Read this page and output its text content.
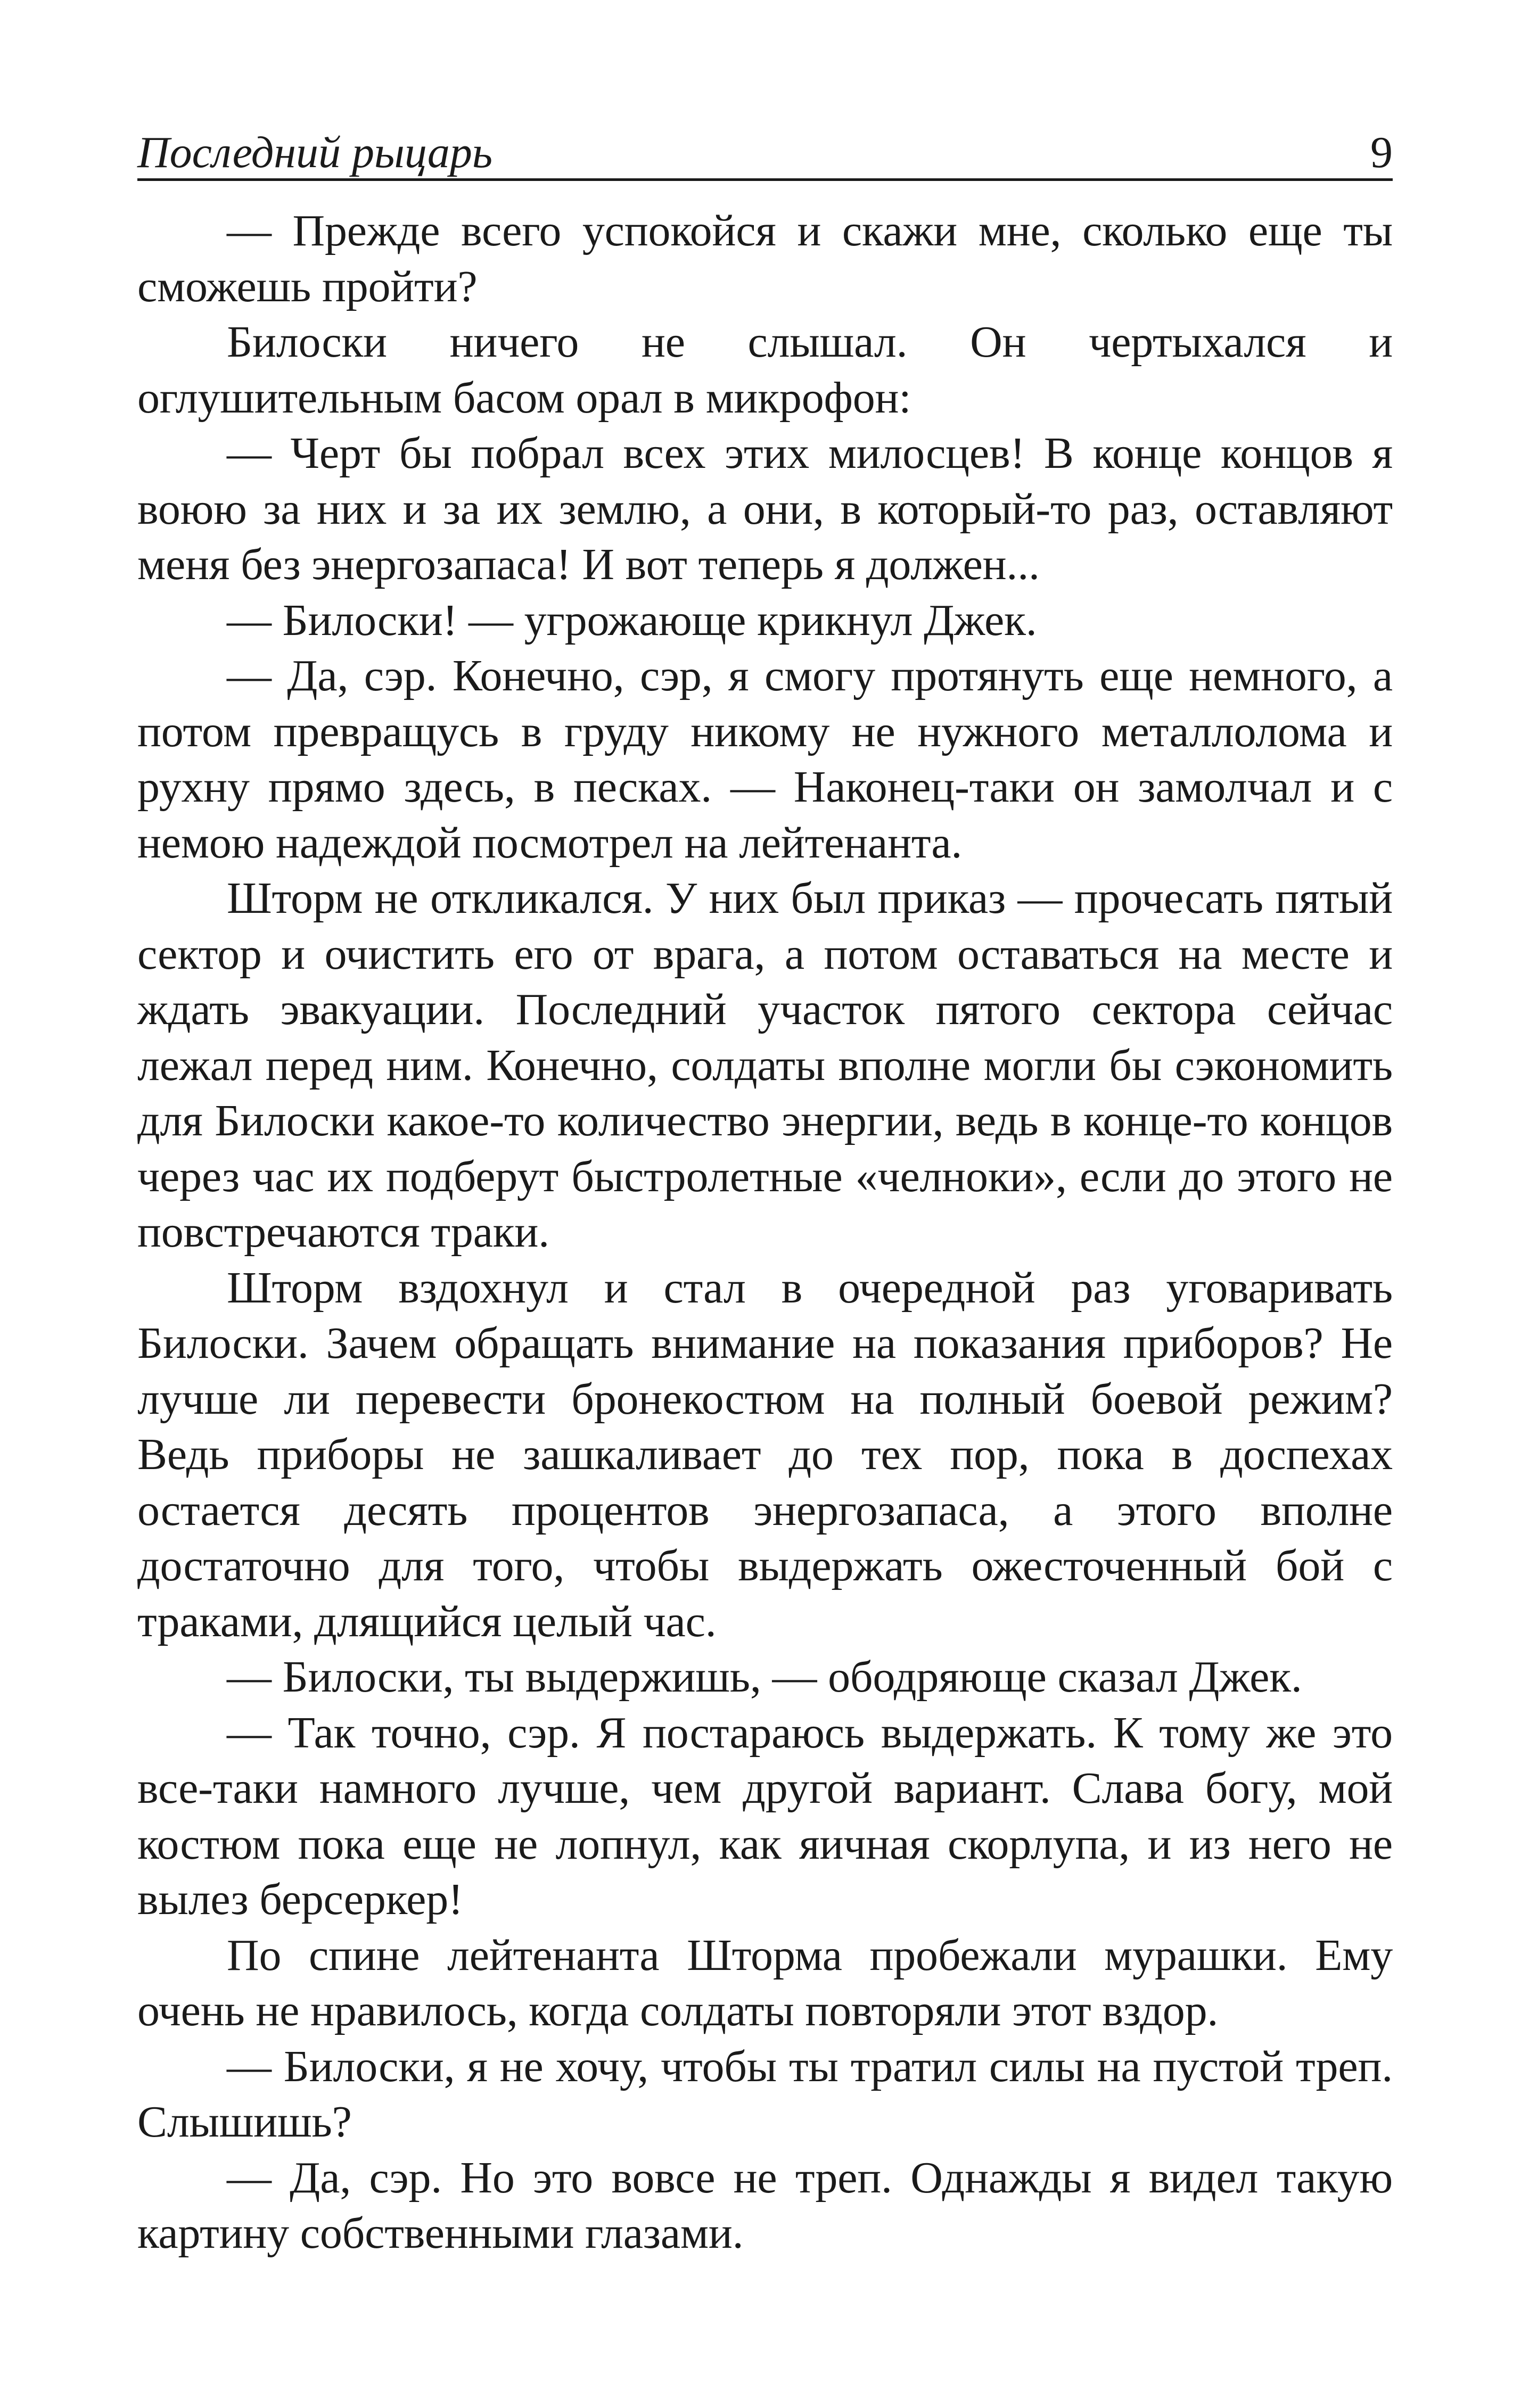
Последний рыцарь	9

— Прежде всего успокойся и скажи мне, сколько еще ты сможешь пройти?

Билоски ничего не слышал. Он чертыхался и оглушительным басом орал в микрофон:

— Черт бы побрал всех этих милосцев! В конце концов я воюю за них и за их землю, а они, в который-то раз, оставляют меня без энергозапаса! И вот теперь я должен...

— Билоски! — угрожающе крикнул Джек.

— Да, сэр. Конечно, сэр, я смогу протянуть еще немного, а потом превращусь в груду никому не нужного металлолома и рухну прямо здесь, в песках. — Наконец-таки он замолчал и с немою надеждой посмотрел на лейтенанта.

Шторм не откликался. У них был приказ — прочесать пятый сектор и очистить его от врага, а потом оставаться на месте и ждать эвакуации. Последний участок пятого сектора сейчас лежал перед ним. Конечно, солдаты вполне могли бы сэкономить для Билоски какое-то количество энергии, ведь в конце-то концов через час их подберут быстролетные «челноки», если до этого не повстречаются траки.

Шторм вздохнул и стал в очередной раз уговаривать Билоски. Зачем обращать внимание на показания приборов? Не лучше ли перевести бронекостюм на полный боевой режим? Ведь приборы не зашкаливает до тех пор, пока в доспехах остается десять процентов энергозапаса, а этого вполне достаточно для того, чтобы выдержать ожесточенный бой с траками, длящийся целый час.

— Билоски, ты выдержишь, — ободряюще сказал Джек.

— Так точно, сэр. Я постараюсь выдержать. К тому же это все-таки намного лучше, чем другой вариант. Слава богу, мой костюм пока еще не лопнул, как яичная скорлупа, и из него не вылез берсеркер!

По спине лейтенанта Шторма пробежали мурашки. Ему очень не нравилось, когда солдаты повторяли этот вздор.

— Билоски, я не хочу, чтобы ты тратил силы на пустой треп. Слышишь?

— Да, сэр. Но это вовсе не треп. Однажды я видел такую картину собственными глазами.
